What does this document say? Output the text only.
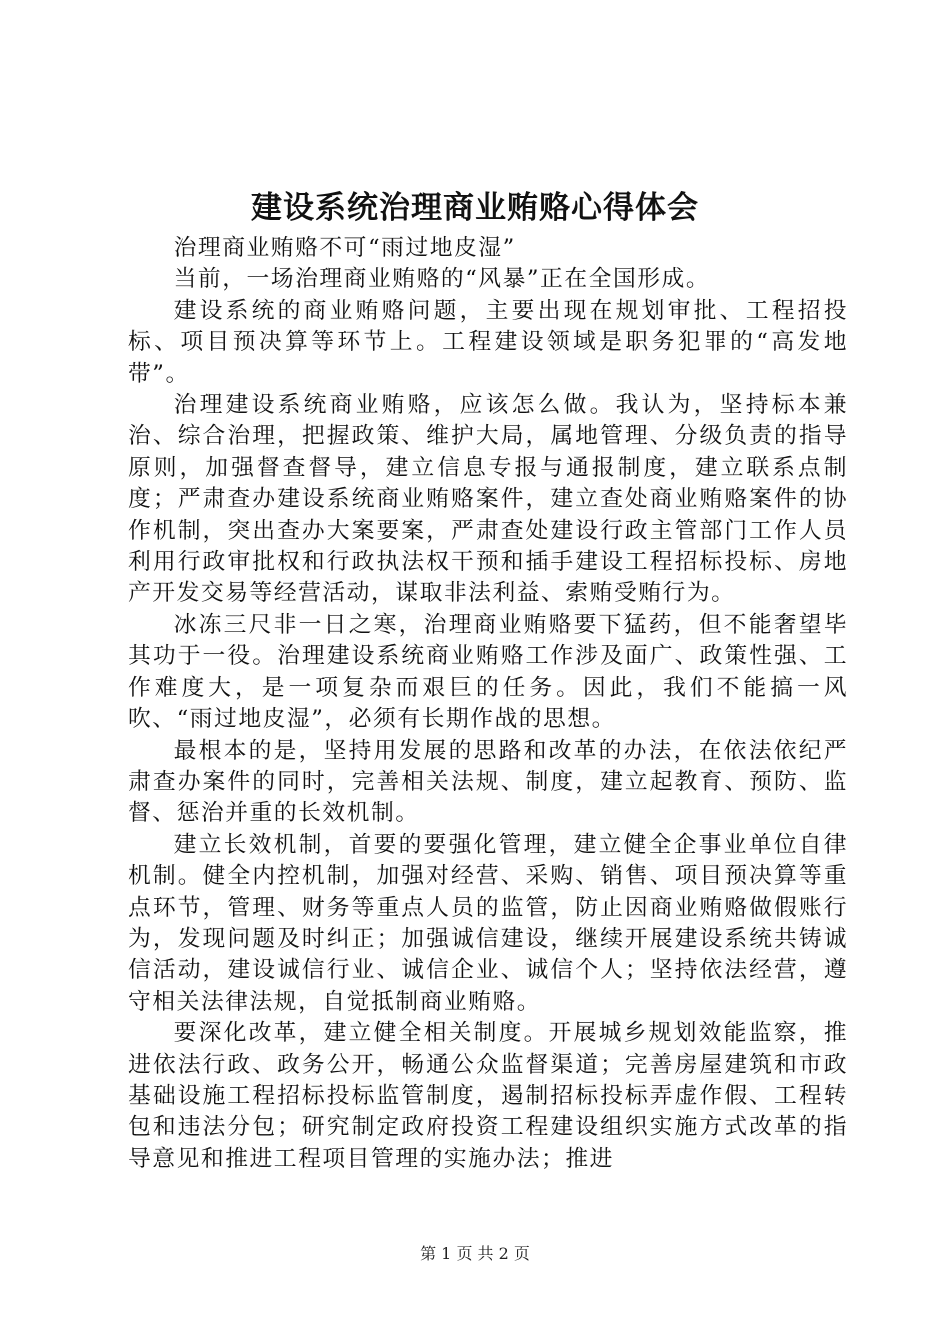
建设系统治理商业贿赂心得体会

治理商业贿赂不可“雨过地皮湿”

当前，一场治理商业贿赂的“风暴”正在全国形成。

建设系统的商业贿赂问题，主要出现在规划审批、工程招投标、项目预决算等环节上。工程建设领域是职务犯罪的“高发地带”。

治理建设系统商业贿赂，应该怎么做。我认为，坚持标本兼治、综合治理，把握政策、维护大局，属地管理、分级负责的指导原则，加强督查督导，建立信息专报与通报制度，建立联系点制度；严肃查办建设系统商业贿赂案件，建立查处商业贿赂案件的协作机制，突出查办大案要案，严肃查处建设行政主管部门工作人员利用行政审批权和行政执法权干预和插手建设工程招标投标、房地产开发交易等经营活动，谋取非法利益、索贿受贿行为。

冰冻三尺非一日之寒，治理商业贿赂要下猛药，但不能奢望毕其功于一役。治理建设系统商业贿赂工作涉及面广、政策性强、工作难度大，是一项复杂而艰巨的任务。因此，我们不能搞一风吹、“雨过地皮湿”，必须有长期作战的思想。

最根本的是，坚持用发展的思路和改革的办法，在依法依纪严肃查办案件的同时，完善相关法规、制度，建立起教育、预防、监督、惩治并重的长效机制。

建立长效机制，首要的要强化管理，建立健全企事业单位自律机制。健全内控机制，加强对经营、采购、销售、项目预决算等重点环节，管理、财务等重点人员的监管，防止因商业贿赂做假账行为，发现问题及时纠正；加强诚信建设，继续开展建设系统共铸诚信活动，建设诚信行业、诚信企业、诚信个人；坚持依法经营，遵守相关法律法规，自觉抵制商业贿赂。

要深化改革，建立健全相关制度。开展城乡规划效能监察，推进依法行政、政务公开，畅通公众监督渠道；完善房屋建筑和市政基础设施工程招标投标监管制度，遏制招标投标弄虚作假、工程转包和违法分包；研究制定政府投资工程建设组织实施方式改革的指导意见和推进工程项目管理的实施办法；推进

第 1 页 共 2 页
